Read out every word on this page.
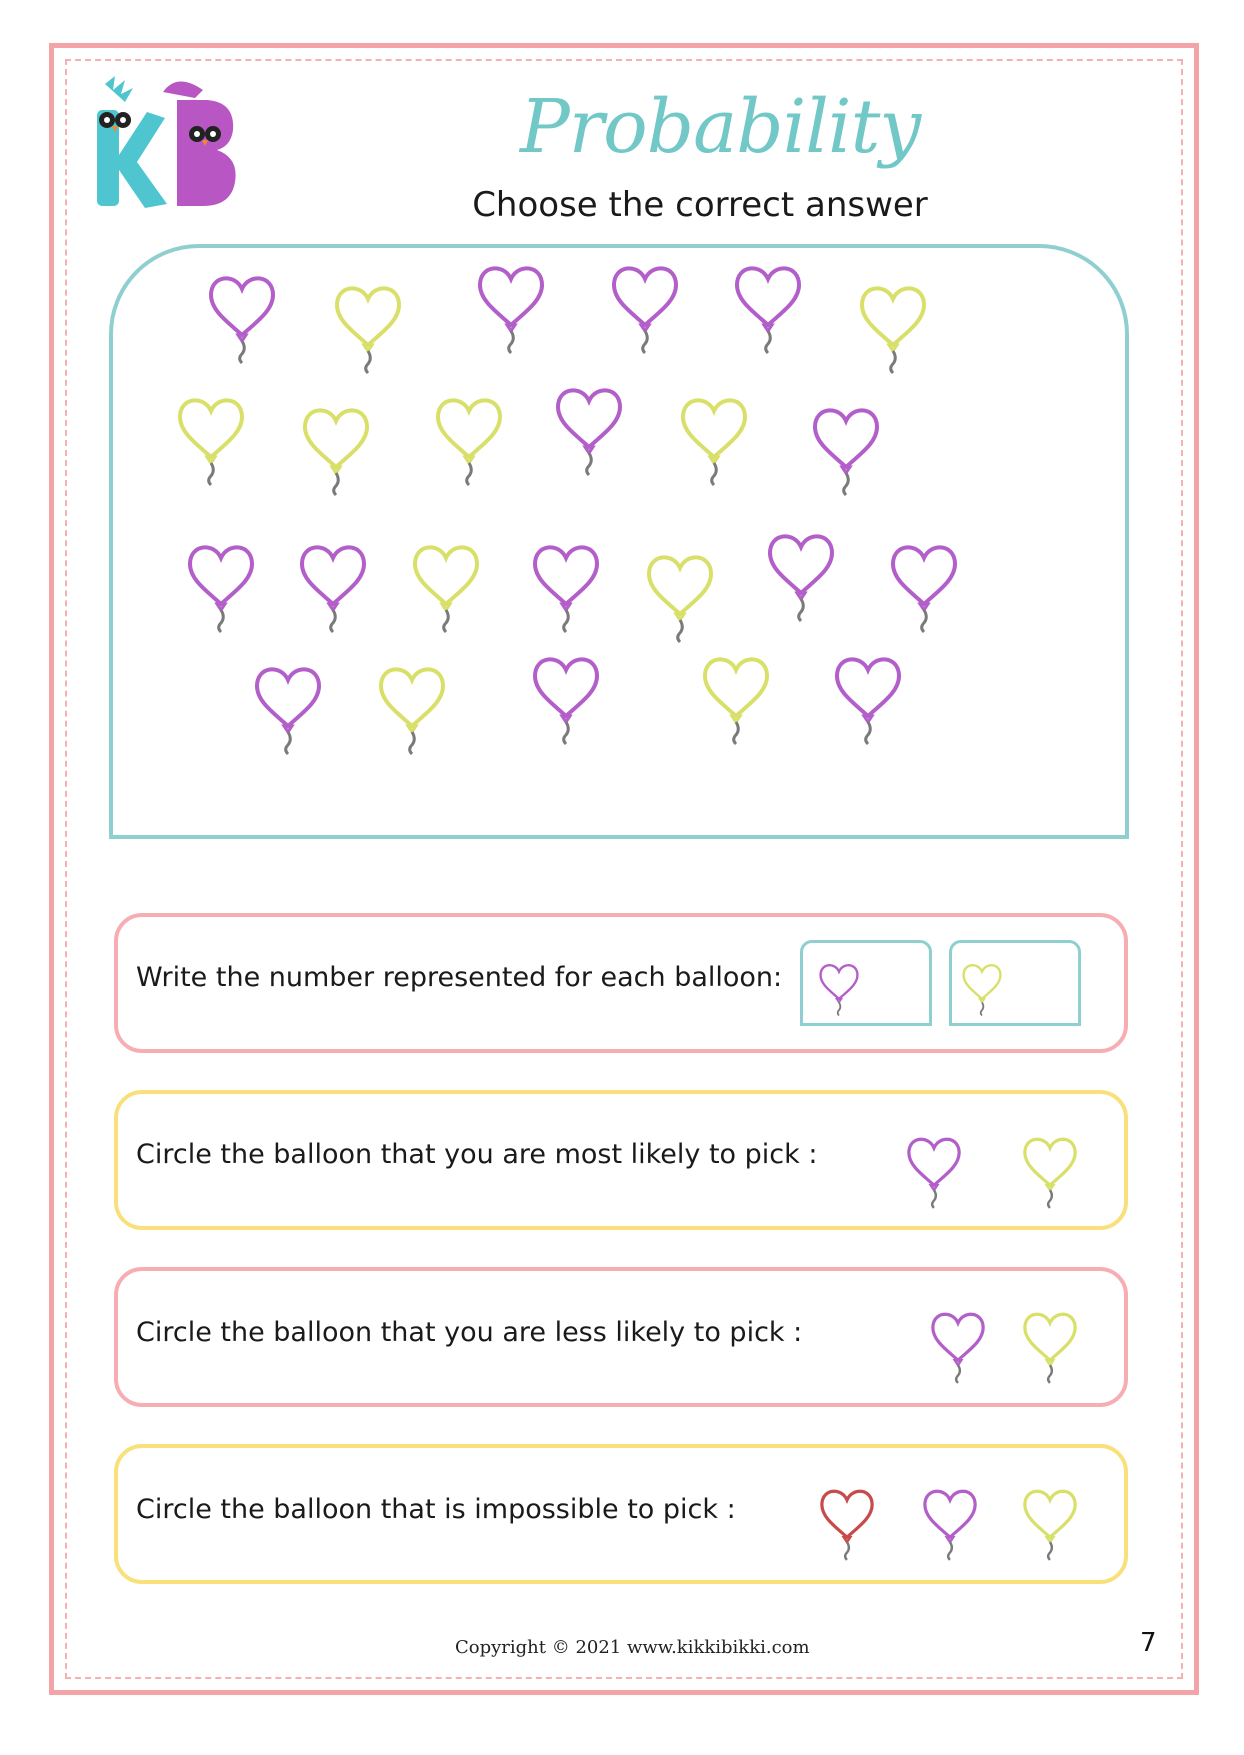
Probability
Choose the correct answer
Write the number represented for each balloon:
Circle the balloon that you are most likely to pick :
Circle the balloon that you are less likely to pick :
Circle the balloon that is impossible to pick :
Copyright © 2021 www.kikkibikki.com	7
